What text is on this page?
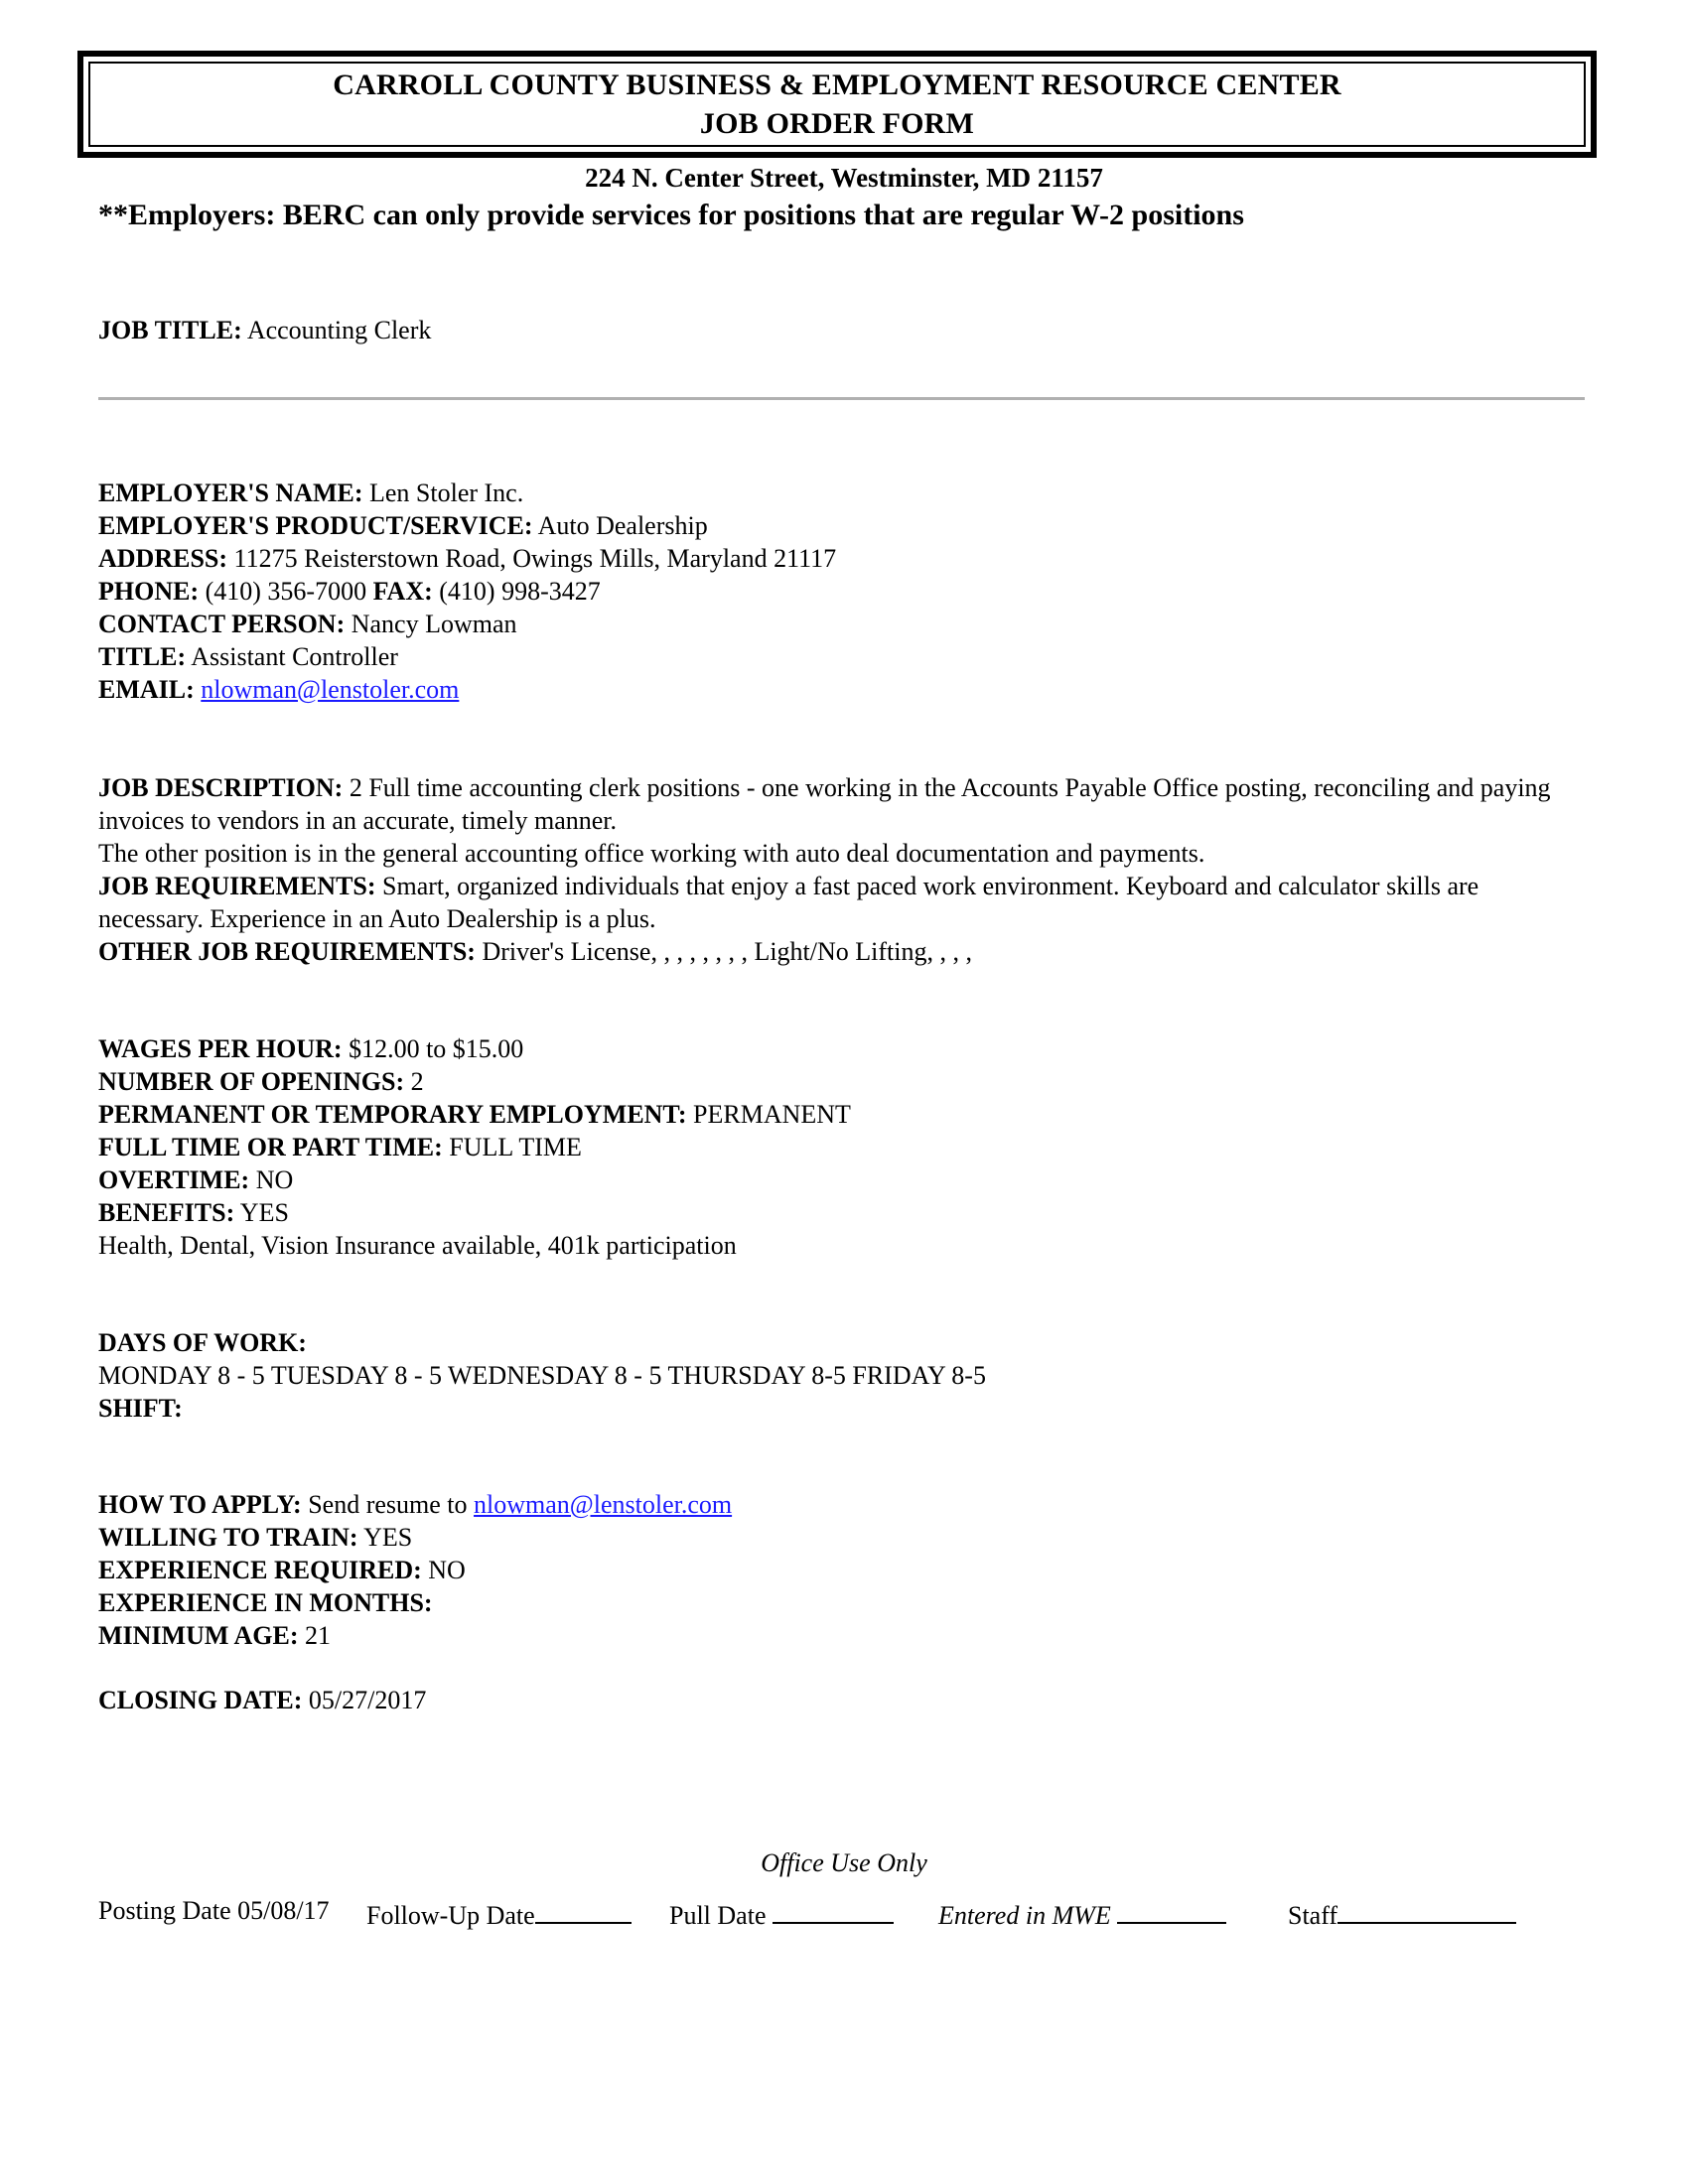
CARROLL COUNTY BUSINESS & EMPLOYMENT RESOURCE CENTER
JOB ORDER FORM
224 N. Center Street, Westminster, MD 21157
**Employers: BERC can only provide services for positions that are regular W-2 positions
JOB TITLE: Accounting Clerk
EMPLOYER'S NAME: Len Stoler Inc.
EMPLOYER'S PRODUCT/SERVICE: Auto Dealership
ADDRESS: 11275 Reisterstown Road, Owings Mills, Maryland 21117
PHONE: (410) 356-7000 FAX: (410) 998-3427
CONTACT PERSON: Nancy Lowman
TITLE: Assistant Controller
EMAIL: nlowman@lenstoler.com
JOB DESCRIPTION: 2 Full time accounting clerk positions - one working in the Accounts Payable Office posting, reconciling and paying invoices to vendors in an accurate, timely manner.
The other position is in the general accounting office working with auto deal documentation and payments.
JOB REQUIREMENTS: Smart, organized individuals that enjoy a fast paced work environment. Keyboard and calculator skills are necessary. Experience in an Auto Dealership is a plus.
OTHER JOB REQUIREMENTS: Driver's License, , , , , , , , Light/No Lifting, , , ,
WAGES PER HOUR: $12.00 to $15.00
NUMBER OF OPENINGS: 2
PERMANENT OR TEMPORARY EMPLOYMENT: PERMANENT
FULL TIME OR PART TIME: FULL TIME
OVERTIME: NO
BENEFITS: YES
Health, Dental, Vision Insurance available, 401k participation
DAYS OF WORK:
MONDAY 8 - 5 TUESDAY 8 - 5 WEDNESDAY 8 - 5 THURSDAY 8-5 FRIDAY 8-5
SHIFT:
HOW TO APPLY: Send resume to nlowman@lenstoler.com
WILLING TO TRAIN: YES
EXPERIENCE REQUIRED: NO
EXPERIENCE IN MONTHS:
MINIMUM AGE: 21
CLOSING DATE: 05/27/2017
Office Use Only
Posting Date 05/08/17 Follow-Up Date	Pull Date	Entered in MWE	Staff
